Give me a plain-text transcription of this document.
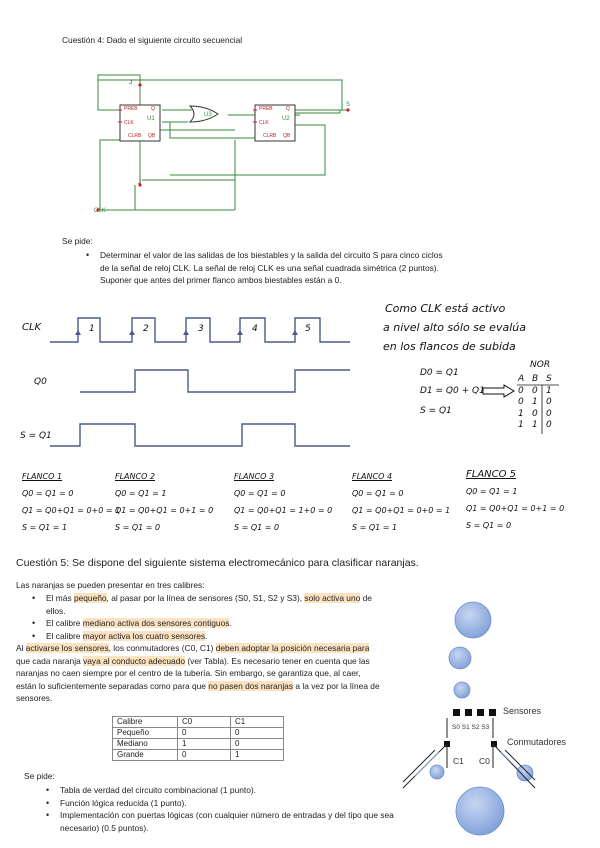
Cuestión 4: Dado el siguiente circuito secuencial
J
J
PREB	Q
CLK
U1
CLRB QB
U3
PREB	Q
CLK
U2
CLRB QB
S
CLK
Se pide:
• Determinar el valor de las salidas de los biestables y la salida del circuito S para cinco ciclos de la señal de reloj CLK. La señal de reloj CLK es una señal cuadrada simétrica (2 puntos). Suponer que antes del primer flanco ambos biestables están a 0.
CLK
Q0
S = Q1
1	2	3	4	5
Como CLK está activo
a nivel alto sólo se evalúa
en los flancos de subida
D0 = Q1
D1 = Q0 + Q1
S = Q1
NOR
A B S
0 0 1
0 1 0
1 0 0
1 1 0
FLANCO 1
Q0 = Q1 = 0
Q1 = Q0+Q1 = 0+0 = 1
S = Q1 = 1
FLANCO 2
Q0 = Q1 = 1
Q1 = Q0+Q1 = 0+1 = 0
S = Q1 = 0
FLANCO 3
Q0 = Q1 = 0
Q1 = Q0+Q1 = 1+0 = 0
S = Q1 = 0
FLANCO 4
Q0 = Q1 = 0
Q1 = Q0+Q1 = 0+0 = 1
S = Q1 = 1
FLANCO 5
Q0 = Q1 = 1
Q1 = Q0+Q1 = 0+1 = 0
S = Q1 = 0
Cuestión 5: Se dispone del siguiente sistema electromecánico para clasificar naranjas.
Las naranjas se pueden presentar en tres calibres:
• El más pequeño, al pasar por la línea de sensores (S0, S1, S2 y S3), solo activa uno de ellos.
• El calibre mediano activa dos sensores contiguos.
• El calibre mayor activa los cuatro sensores.
Al activarse los sensores, los conmutadores (C0, C1) deben adoptar la posición necesaria para que cada naranja vaya al conducto adecuado (ver Tabla). Es necesario tener en cuenta que las naranjas no caen siempre por el centro de la tubería. Sin embargo, se garantiza que, al caer, están lo suficientemente separadas como para que no pasen dos naranjas a la vez por la línea de sensores.
Calibre	C0	C1
Pequeño	0	0
Mediano	1	0
Grande	0	1
Se pide:
• Tabla de verdad del circuito combinacional (1 punto).
• Función lógica reducida (1 punto).
• Implementación con puertas lógicas (con cualquier número de entradas y del tipo que sea necesario) (0.5 puntos).
Sensores
S0 S1 S2 S3
Conmutadores
C1 C0
